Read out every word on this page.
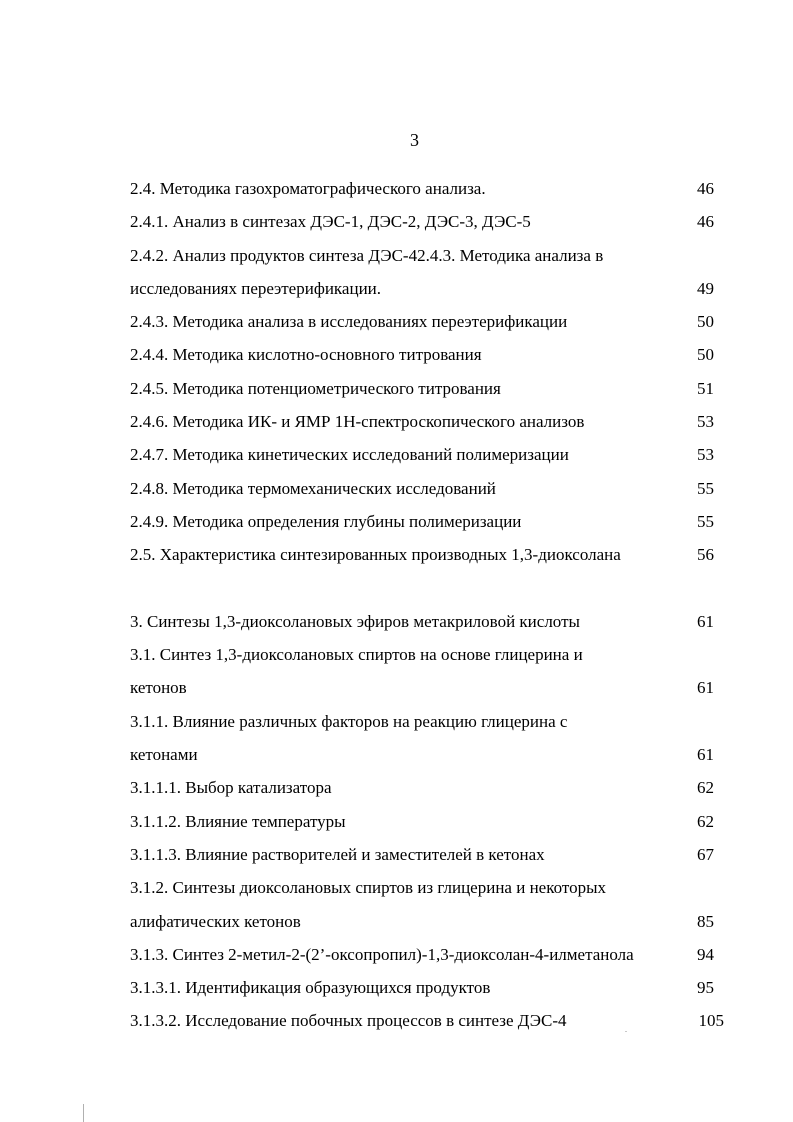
3
2.4. Методика газохроматографического анализа.	46
2.4.1. Анализ в синтезах ДЭС-1, ДЭС-2, ДЭС-3, ДЭС-5	46
2.4.2. Анализ продуктов синтеза ДЭС-42.4.3. Методика анализа в
исследованиях переэтерификации.	49
2.4.3. Методика анализа в исследованиях переэтерификации	50
2.4.4. Методика кислотно-основного титрования	50
2.4.5. Методика потенциометрического титрования	51
2.4.6. Методика ИК- и ЯМР 1Н-спектроскопического анализов	53
2.4.7. Методика кинетических исследований полимеризации	53
2.4.8. Методика термомеханических исследований	55
2.4.9. Методика определения глубины полимеризации	55
2.5. Характеристика синтезированных производных 1,3-диоксолана	56
3. Синтезы 1,3-диоксолановых эфиров метакриловой кислоты	61
3.1. Синтез 1,3-диоксолановых спиртов на основе глицерина и
кетонов	61
3.1.1. Влияние различных факторов на реакцию глицерина с
кетонами	61
3.1.1.1. Выбор катализатора	62
3.1.1.2. Влияние температуры	62
3.1.1.3. Влияние растворителей и заместителей в кетонах	67
3.1.2. Синтезы диоксолановых спиртов из глицерина и некоторых
алифатических кетонов	85
3.1.3. Синтез 2-метил-2-(2’-оксопропил)-1,3-диоксолан-4-илметанола	94
3.1.3.1. Идентификация образующихся продуктов	95
3.1.3.2. Исследование побочных процессов в синтезе ДЭС-4	105
